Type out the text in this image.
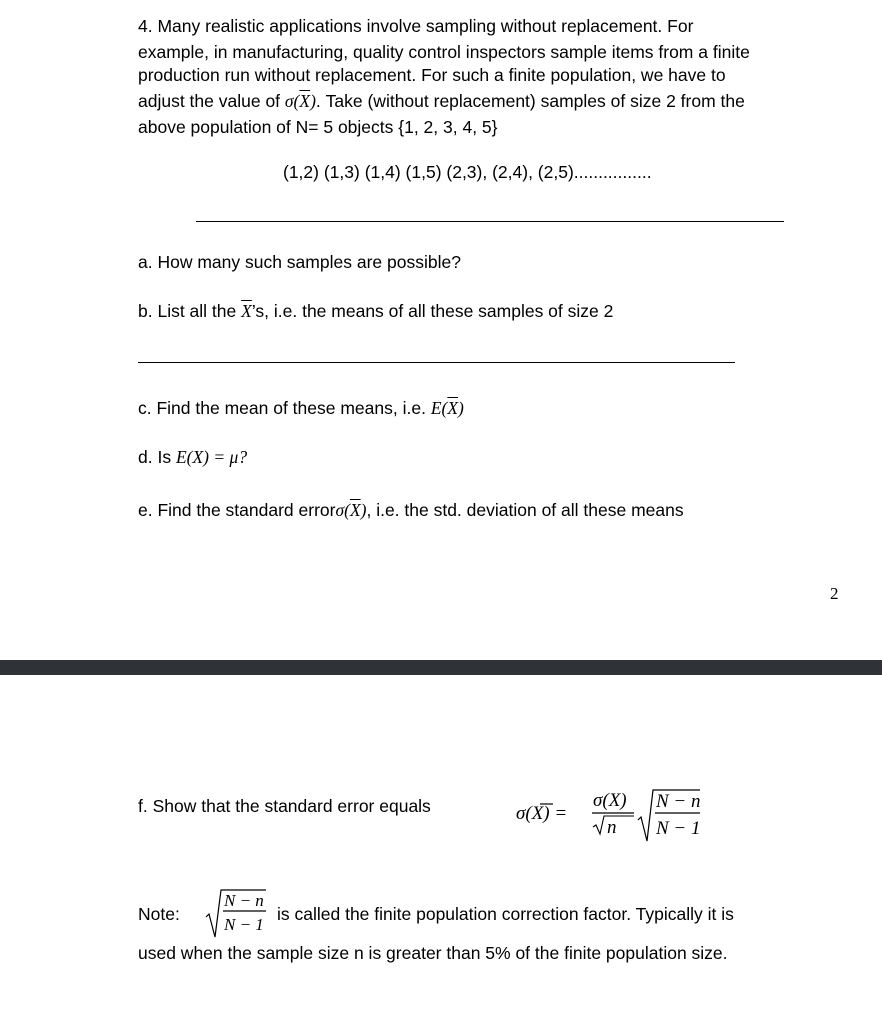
4. Many realistic applications involve sampling without replacement. For
example, in manufacturing, quality control inspectors sample items from a finite
production run without replacement. For such a finite population, we have to
adjust the value of $\sigma(\overline{X})$. Take (without replacement) samples of size 2 from the
above population of N= 5 objects {1, 2, 3, 4, 5}
(1,2) (1,3) (1,4) (1,5) (2,3), (2,4), (2,5)................
a. How many such samples are possible?
b. List all the $\overline{X}’s$, i.e. the means of all these samples of size 2
c. Find the mean of these means, i.e. $E(\overline{X})$
d. Is E(X) = μ?
e. Find the standard $error\sigma(\overline{X})$, i.e. the std. deviation of all these means
2
f. Show that the standard error equals	σ(X) =
σ(X)
n
N − n
N − 1
Note:
N − n
N − 1
is called the finite population correction factor. Typically it is
used when the sample size n is greater than 5% of the finite population size.
